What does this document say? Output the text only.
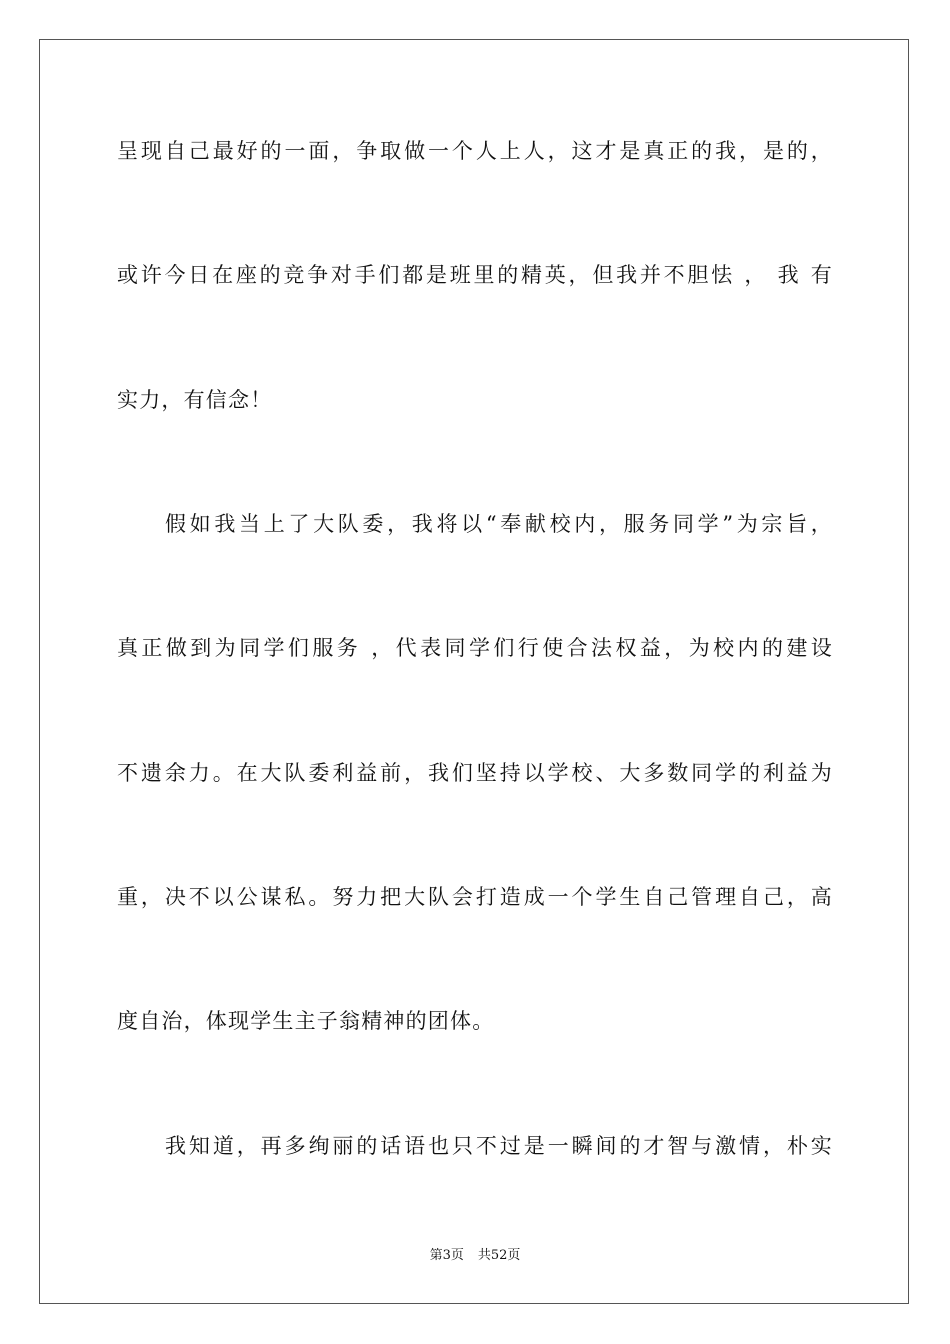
呈现自己最好的一面，争取做一个人上人，这才是真正的我，是的，
或许今日在座的竞争对手们都是班里的精英，但我并不胆怯 ， 我 有
实力，有信念！
假如我当上了大队委，我将以“奉献校内，服务同学”为宗旨，
真正做到为同学们服务 ，代表同学们行使合法权益，为校内的建设
不遗余力。在大队委利益前，我们坚持以学校、大多数同学的利益为
重，决不以公谋私。努力把大队会打造成一个学生自己管理自己，高
度自治，体现学生主子翁精神的团体。
我知道，再多绚丽的话语也只不过是一瞬间的才智与激情，朴实
第3页 共52页
